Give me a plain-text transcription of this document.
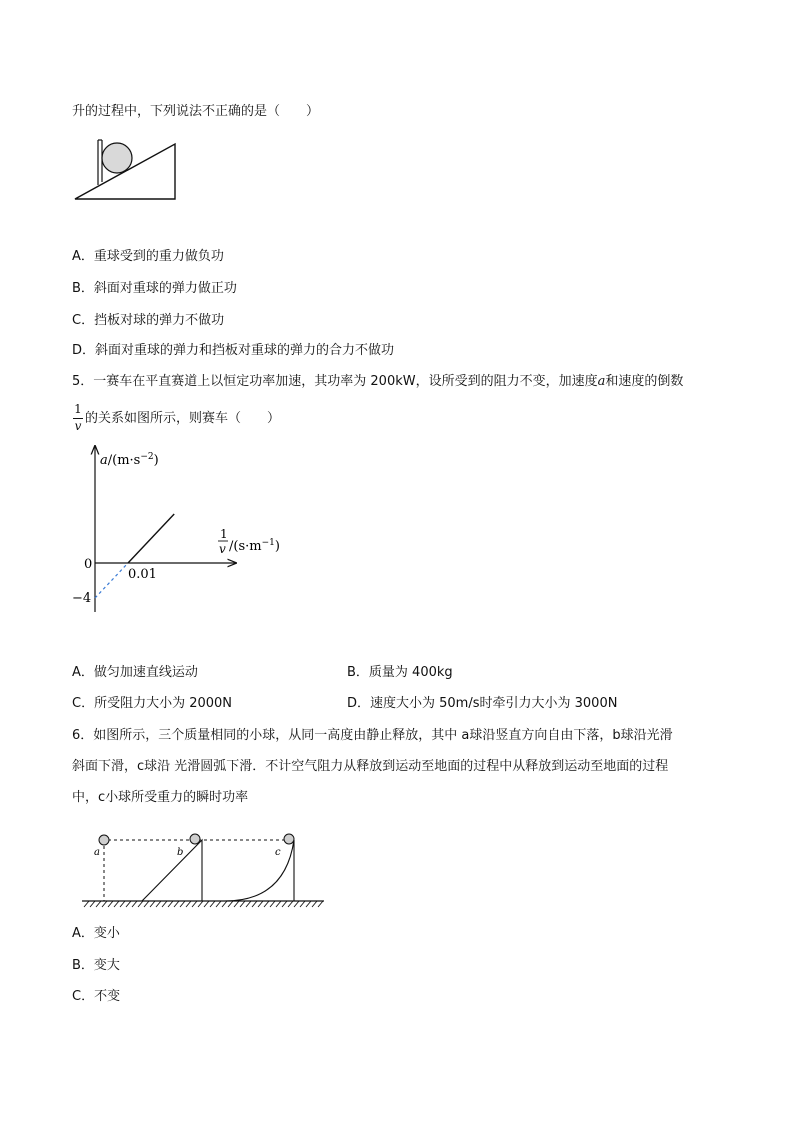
升的过程中，下列说法不正确的是（　　）
A．重球受到的重力做负功
B．斜面对重球的弹力做正功
C．挡板对球的弹力不做功
D．斜面对重球的弹力和挡板对重球的弹力的合力不做功
5．一赛车在平直赛道上以恒定功率加速，其功率为 200kW，设所受到的阻力不变，加速度a和速度的倒数
1
v 的关系如图所示，则赛车（　　）
0
0.01
−4
$a/(m\cdot s^{-2})$
1
v $/(s\cdot m^{-1})$
A．做匀加速直线运动	B．质量为 400kg
C．所受阻力大小为 2000N	D．速度大小为 50m/s时牵引力大小为 3000N
6．如图所示，三个质量相同的小球，从同一高度由静止释放，其中 a球沿竖直方向自由下落，b球沿光滑
斜面下滑，c球沿 光滑圆弧下滑．不计空气阻力从释放到运动至地面的过程中从释放到运动至地面的过程
中，c小球所受重力的瞬时功率
a	b	c
A．变小
B．变大
C．不变
